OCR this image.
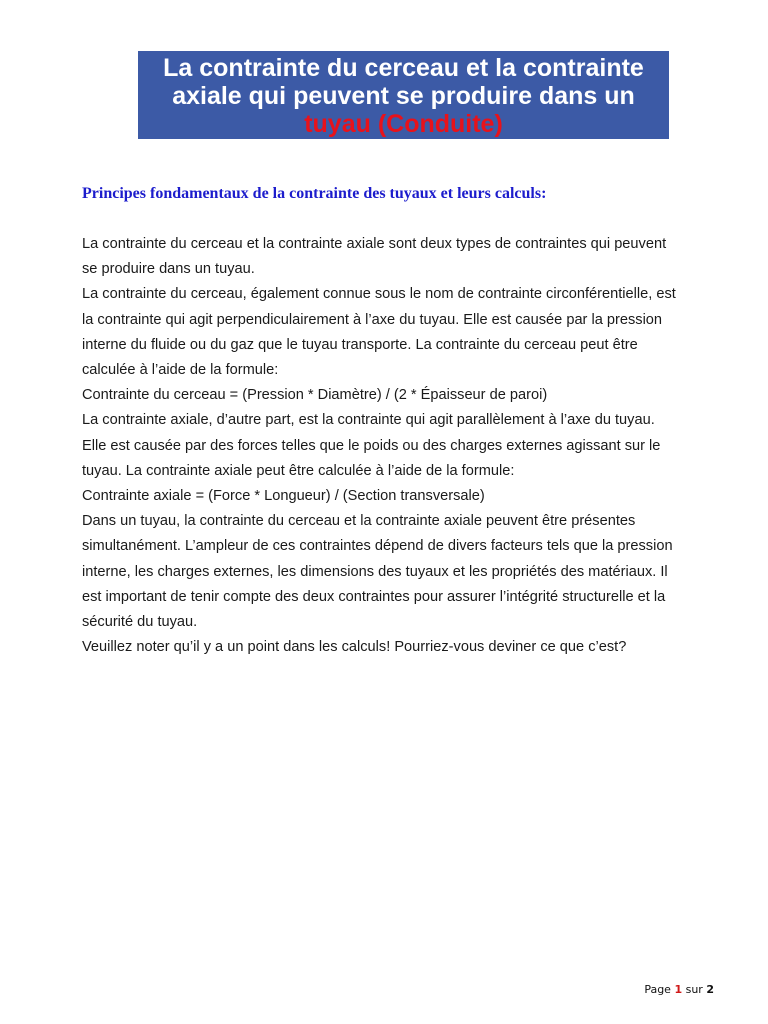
La contrainte du cerceau et la contrainte
axiale qui peuvent se produire dans un
tuyau (Conduite)
Principes fondamentaux de la contrainte des tuyaux et leurs calculs:
La contrainte du cerceau et la contrainte axiale sont deux types de contraintes qui peuvent
se produire dans un tuyau.
La contrainte du cerceau, également connue sous le nom de contrainte circonférentielle, est
la contrainte qui agit perpendiculairement à l’axe du tuyau. Elle est causée par la pression
interne du fluide ou du gaz que le tuyau transporte. La contrainte du cerceau peut être
calculée à l’aide de la formule:
Contrainte du cerceau = (Pression * Diamètre) / (2 * Épaisseur de paroi)
La contrainte axiale, d’autre part, est la contrainte qui agit parallèlement à l’axe du tuyau.
Elle est causée par des forces telles que le poids ou des charges externes agissant sur le
tuyau. La contrainte axiale peut être calculée à l’aide de la formule:
Contrainte axiale = (Force * Longueur) / (Section transversale)
Dans un tuyau, la contrainte du cerceau et la contrainte axiale peuvent être présentes
simultanément. L’ampleur de ces contraintes dépend de divers facteurs tels que la pression
interne, les charges externes, les dimensions des tuyaux et les propriétés des matériaux. Il
est important de tenir compte des deux contraintes pour assurer l’intégrité structurelle et la
sécurité du tuyau.
Veuillez noter qu’il y a un point dans les calculs! Pourriez-vous deviner ce que c’est?
Page 1 sur 2
